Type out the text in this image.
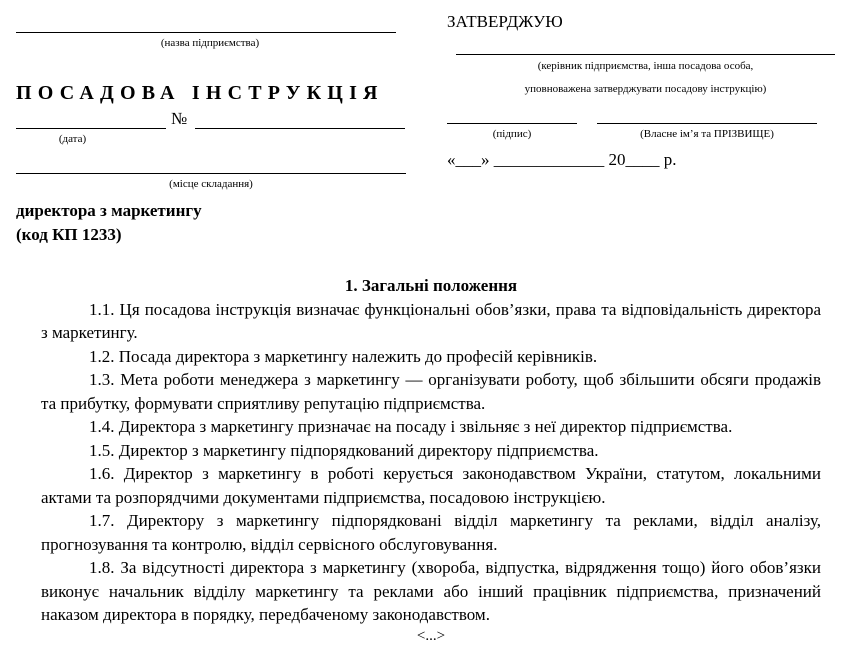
(назва підприємства)
ПОСАДОВА ІНСТРУКЦІЯ
№
(дата)
(місце складання)
директора з маркетингу
(код КП 1233)
ЗАТВЕРДЖУЮ
(керівник підприємства, інша посадова особа,
уповноважена затверджувати посадову інструкцію)
(підпис)	(Власне ім’я та ПРІЗВИЩЕ)
«___» _____________ 20____ р.

1. Загальні положення

1.1. Ця посадова інструкція визначає функціональні обов’язки, права та відповідальність директора з маркетингу.

1.2. Посада директора з маркетингу належить до професій керівників.

1.3. Мета роботи менеджера з маркетингу — організувати роботу, щоб збільшити обсяги продажів та прибутку, формувати сприятливу репутацію підприємства.

1.4. Директора з маркетингу призначає на посаду і звільняє з неї директор підприємства.

1.5. Директор з маркетингу підпорядкований директору підприємства.

1.6. Директор з маркетингу в роботі керується законодавством України, статутом, локальними актами та розпорядчими документами підприємства, посадовою інструкцією.

1.7. Директору з маркетингу підпорядковані відділ маркетингу та реклами, відділ аналізу, прогнозування та контролю, відділ сервісного обслуговування.

1.8. За відсутності директора з маркетингу (хвороба, відпустка, відрядження тощо) його обов’язки виконує начальник відділу маркетингу та реклами або інший працівник підприємства, призначений наказом директора в порядку, передбаченому законодавством.

<...>
